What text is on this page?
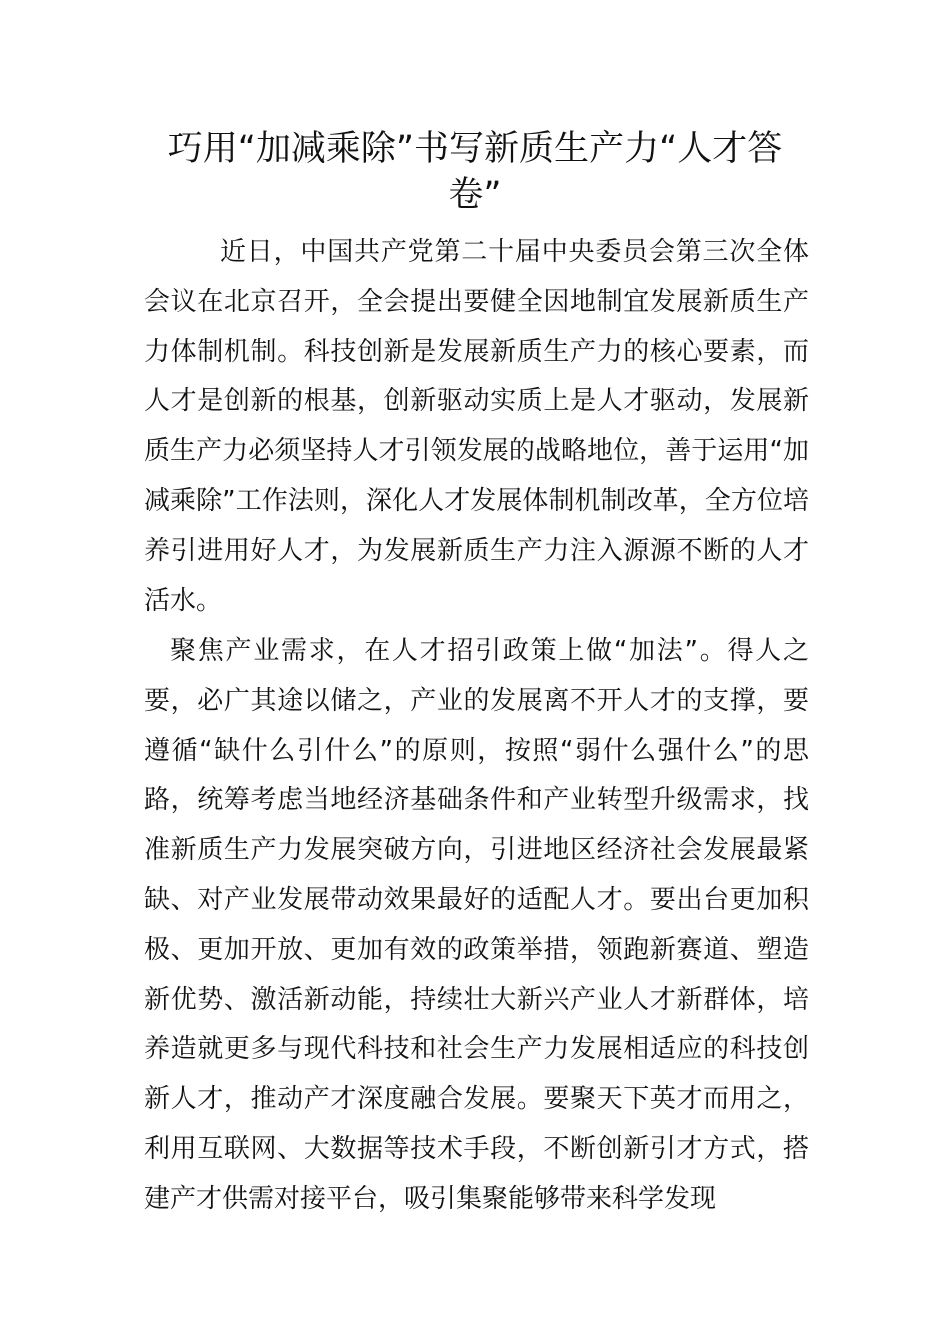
巧用“加减乘除”书写新质生产力“人才答卷”

近日，中国共产党第二十届中央委员会第三次全体会议在北京召开，全会提出要健全因地制宜发展新质生产力体制机制。科技创新是发展新质生产力的核心要素，而人才是创新的根基，创新驱动实质上是人才驱动，发展新质生产力必须坚持人才引领发展的战略地位，善于运用“加减乘除”工作法则，深化人才发展体制机制改革，全方位培养引进用好人才，为发展新质生产力注入源源不断的人才活水。

聚焦产业需求，在人才招引政策上做“加法”。得人之要，必广其途以储之，产业的发展离不开人才的支撑，要遵循“缺什么引什么”的原则，按照“弱什么强什么”的思路，统筹考虑当地经济基础条件和产业转型升级需求，找准新质生产力发展突破方向，引进地区经济社会发展最紧缺、对产业发展带动效果最好的适配人才。要出台更加积极、更加开放、更加有效的政策举措，领跑新赛道、塑造新优势、激活新动能，持续壮大新兴产业人才新群体，培养造就更多与现代科技和社会生产力发展相适应的科技创新人才，推动产才深度融合发展。要聚天下英才而用之，利用互联网、大数据等技术手段，不断创新引才方式，搭建产才供需对接平台，吸引集聚能够带来科学发现
